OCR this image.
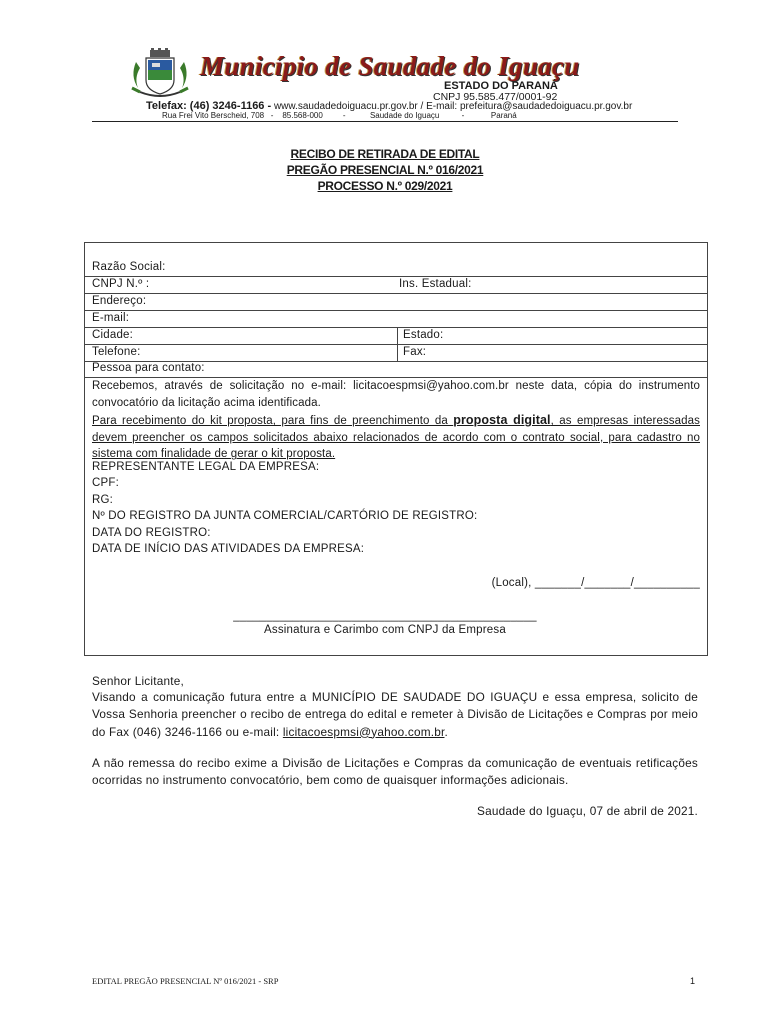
Município de Saudade do Iguaçu
ESTADO DO PARANÁ
CNPJ 95.585.477/0001-92
Telefax: (46) 3246-1166 - www.saudadedoiguacu.pr.gov.br / E-mail: prefeitura@saudadedoiguacu.pr.gov.br
Rua Frei Vito Berscheid, 708   -    85.568-000         -           Saudade do Iguaçu          -            Paraná
RECIBO DE RETIRADA DE EDITAL
PREGÃO PRESENCIAL N.º 016/2021
PROCESSO N.º 029/2021
Razão Social:
CNPJ N.º :	Ins. Estadual:
Endereço:
E-mail:
Cidade:	Estado:
Telefone:	Fax:
Pessoa para contato:
Recebemos, através de solicitação no e-mail: licitacoespmsi@yahoo.com.br neste data, cópia do instrumento convocatório da licitação acima identificada.
Para recebimento do kit proposta, para fins de preenchimento da proposta digital, as empresas interessadas devem preencher os campos solicitados abaixo relacionados de acordo com o contrato social, para cadastro no sistema com finalidade de gerar o kit proposta.
REPRESENTANTE LEGAL DA EMPRESA:
CPF:
RG:
Nº DO REGISTRO DA JUNTA COMERCIAL/CARTÓRIO DE REGISTRO:
DATA DO REGISTRO:
DATA DE INÍCIO DAS ATIVIDADES DA EMPRESA:
(Local), _______/_______/__________
______________________________________________
Assinatura e Carimbo com CNPJ da Empresa
Senhor Licitante,
Visando a comunicação futura entre a MUNICÍPIO DE SAUDADE DO IGUAÇU e essa empresa, solicito de Vossa Senhoria preencher o recibo de entrega do edital e remeter à Divisão de Licitações e Compras por meio do Fax (046) 3246-1166 ou e-mail: licitacoespmsi@yahoo.com.br.
A não remessa do recibo exime a Divisão de Licitações e Compras da comunicação de eventuais retificações ocorridas no instrumento convocatório, bem como de quaisquer informações adicionais.
Saudade do Iguaçu, 07 de abril de 2021.
EDITAL PREGÃO PRESENCIAL Nº 016/2021 - SRP	1
